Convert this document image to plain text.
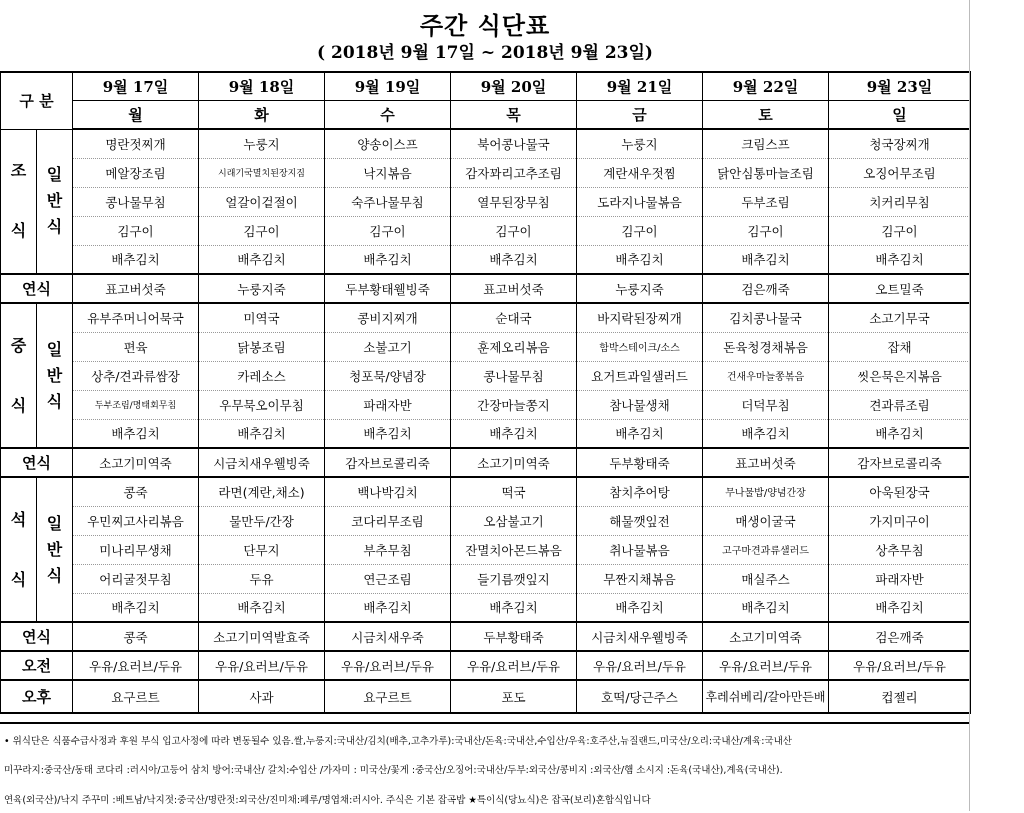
주간 식단표
( 2018년 9월 17일 ~ 2018년 9월 23일)
구 분		9월 17일	9월 18일	9월 19일	9월 20일	9월 21일	9월 22일	9월 23일
		월	화	수	목	금	토	일
조

식	일
반
식	명란젓찌개	누룽지	양송이스프	북어콩나물국	누룽지	크림스프	청국장찌개
		메알장조림	시래기국멸치된장지짐	낙지볶음	감자꽈리고추조림	계란새우젓찜	닭안심통마늘조림	오징어무조림
		콩나물무침	얼갈이겉절이	숙주나물무침	열무된장무침	도라지나물볶음	두부조림	치커리무침
		김구이	김구이	김구이	김구이	김구이	김구이	김구이
		배추김치	배추김치	배추김치	배추김치	배추김치	배추김치	배추김치
연식		표고버섯죽	누룽지죽	두부황태웰빙죽	표고버섯죽	누룽지죽	검은깨죽	오트밀죽
중

식	일
반
식	유부주머니어묵국	미역국	콩비지찌개	순대국	바지락된장찌개	김치콩나물국	소고기무국
		편육	닭봉조림	소불고기	훈제오리볶음	함박스테이크/소스	돈육청경채볶음	잡채
		상추/견과류쌈장	카레소스	청포묵/양념장	콩나물무침	요거트과일샐러드	건새우마늘쫑볶음	씻은묵은지볶음
		두부조림/명태회무침	우무묵오이무침	파래자반	간장마늘쫑지	참나물생채	더덕무침	견과류조림
		배추김치	배추김치	배추김치	배추김치	배추김치	배추김치	배추김치
연식		소고기미역죽	시금치새우웰빙죽	감자브로콜리죽	소고기미역죽	두부황태죽	표고버섯죽	감자브로콜리죽
석

식	일
반
식	콩죽	라면(계란,채소)	백나박김치	떡국	참치추어탕	무나물밥/양념간장	아욱된장국
		우민찌고사리볶음	물만두/간장	코다리무조림	오삼불고기	해물깻잎전	매생이굴국	가지미구이
		미나리무생채	단무지	부추무침	잔멸치아몬드볶음	취나물볶음	고구마견과류샐러드	상추무침
		어리굴젓무침	두유	연근조림	들기름깻잎지	무짠지채볶음	매실주스	파래자반
		배추김치	배추김치	배추김치	배추김치	배추김치	배추김치	배추김치
연식		콩죽	소고기미역발효죽	시금치새우죽	두부황태죽	시금치새우웰빙죽	소고기미역죽	검은깨죽
오전		우유/요러브/두유	우유/요러브/두유	우유/요러브/두유	우유/요러브/두유	우유/요러브/두유	우유/요러브/두유	우유/요러브/두유
오후		요구르트	사과	요구르트	포도	호떡/당근주스	후레쉬베리/갈아만든배	컵젤리
• 위식단은 식품수급사정과 후원 부식 입고사정에 따라 변동될수 있음.쌀,누룽지:국내산/김치(배추,고추가루):국내산/돈육:국내산,수입산/우육:호주산,뉴질랜드,미국산/오리:국내산/계육:국내산
미꾸라지:중국산/동태 코다리 :러시아/고등어 삼치 방어:국내산/ 갈치:수입산 /가자미 : 미국산/꽃게 :중국산/오징어:국내산/두부:외국산/콩비지 :외국산/햄 소시지 :돈육(국내산),계육(국내산).
연육(외국산)/낙지 주꾸미 :베트남/낙지젓:중국산/명란젓:외국산/진미채:페루/명엽채:러시아. 주식은 기본 잡곡밥 ★특이식(당뇨식)은 잡곡(보리)혼합식입니다
